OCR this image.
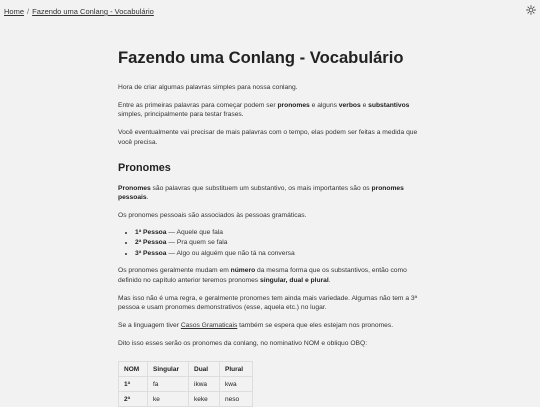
Home / Fazendo uma Conlang - Vocabulário
Fazendo uma Conlang - Vocabulário

Hora de criar algumas palavras simples para nossa conlang.

Entre as primeiras palavras para começar podem ser pronomes e alguns verbos e substantivos simples, principalmente para testar frases.

Você eventualmente vai precisar de mais palavras com o tempo, elas podem ser feitas a medida que você precisa.

Pronomes

Pronomes são palavras que substituem um substantivo, os mais importantes são os pronomes pessoais.

Os pronomes pessoais são associados às pessoas gramáticas.

• 1ª Pessoa — Aquele que fala
• 2ª Pessoa — Pra quem se fala
• 3ª Pessoa — Algo ou alguém que não tá na conversa

Os pronomes geralmente mudam em número da mesma forma que os substantivos, então como definido no capítulo anterior teremos pronomes singular, dual e plural.

Mas isso não é uma regra, e geralmente pronomes tem ainda mais variedade. Algumas não tem a 3ª pessoa e usam pronomes demonstrativos (esse, aquela etc.) no lugar.

Se a linguagem tiver Casos Gramaticais também se espera que eles estejam nos pronomes.

Dito isso esses serão os pronomes da conlang, no nominativo NOM e obliquo OBQ:

NOM	Singular	Dual	Plural
1ª	fa	ikwa	kwa
2ª	ke	keke	neso
